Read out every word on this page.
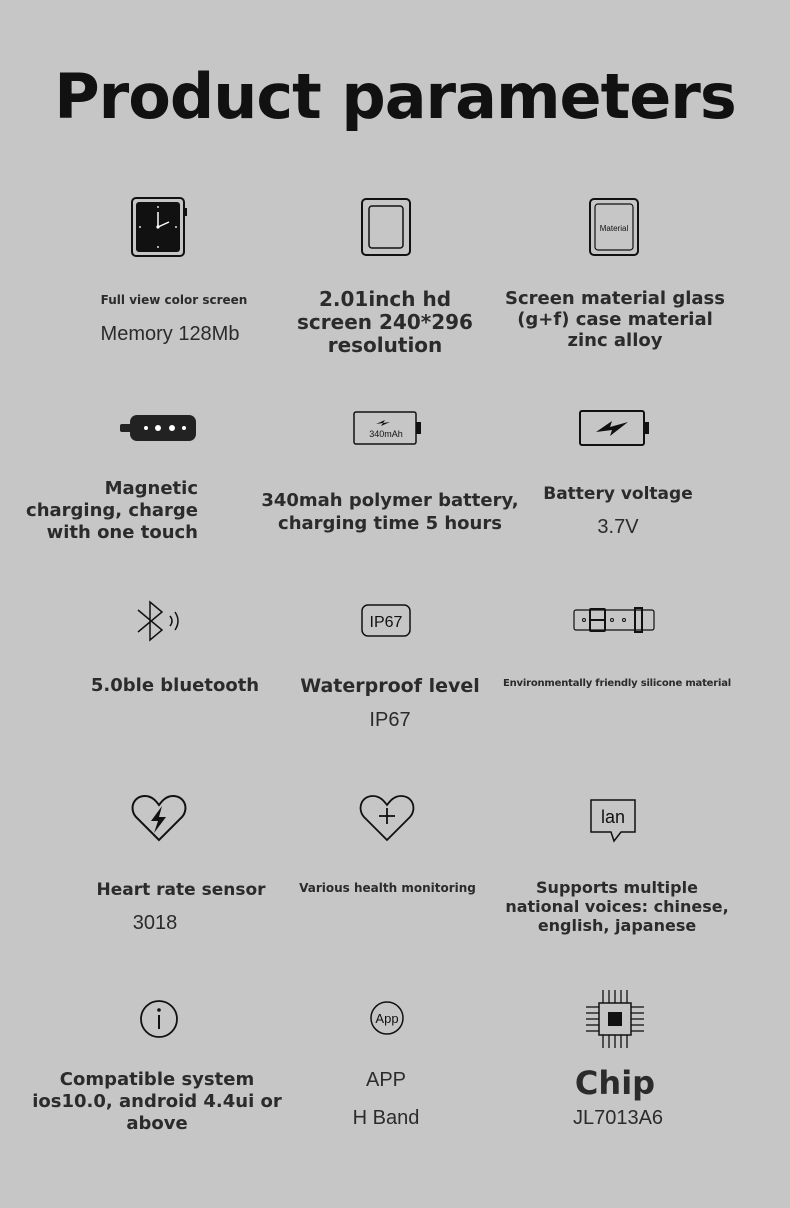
Product parameters
Full view color screen
Memory 128Mb
2.01inch hd screen 240*296 resolution
Material
Screen material glass (g+f) case material zinc alloy
Magnetic charging, charge with one touch
340mAh
340mah polymer battery, charging time 5 hours
Battery voltage
3.7V
5.0ble bluetooth
IP67
Waterproof level
IP67
Environmentally friendly silicone material
Heart rate sensor
3018
Various health monitoring
lan
Supports multiple national voices: chinese, english, japanese
Compatible system ios10.0, android 4.4ui or above
App
APP
H Band
Chip
JL7013A6
